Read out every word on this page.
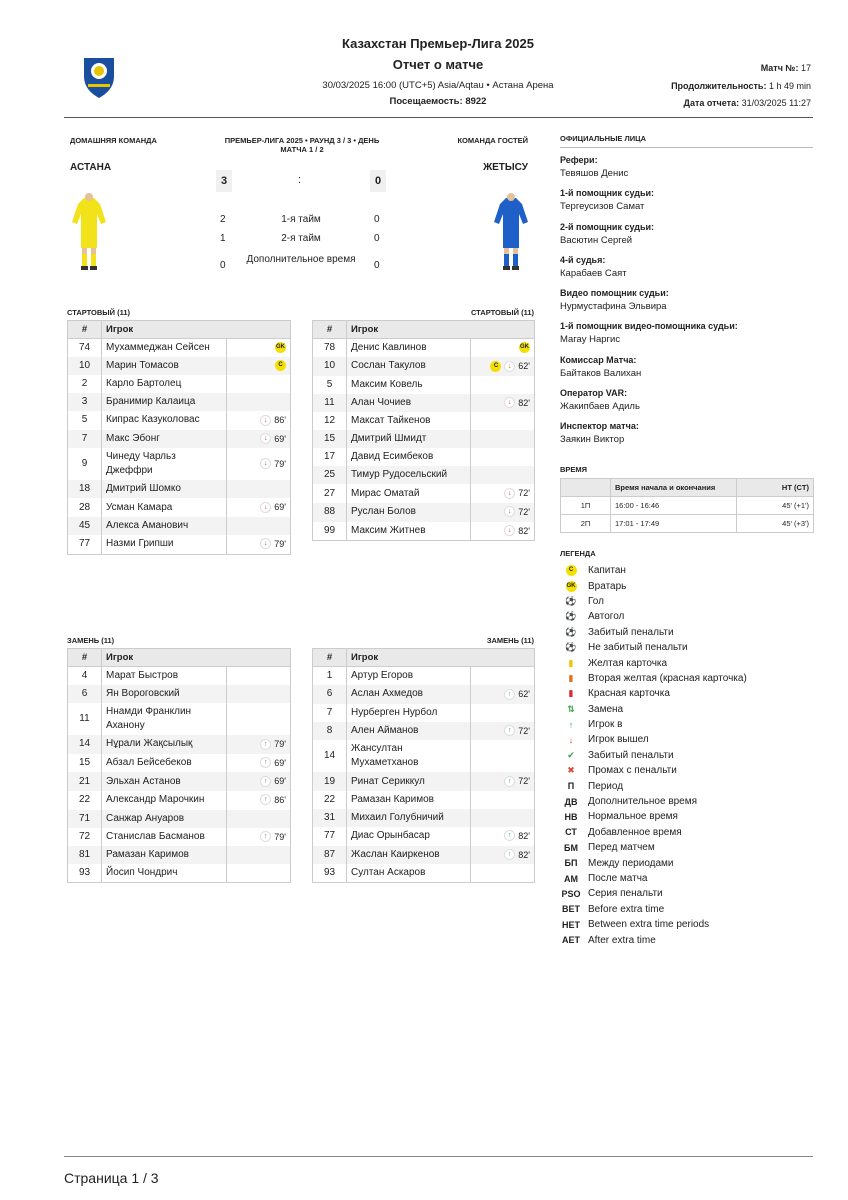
Казахстан Премьер-Лига 2025
Отчет о матче
30/03/2025 16:00 (UTC+5) Asia/Aqtau • Астана Арена
Посещаемость: 8922
Матч №: 17
Продолжительность: 1 h 49 min
Дата отчета: 31/03/2025 11:27
ДОМАШНЯЯ КОМАНДА	ПРЕМЬЕР-ЛИГА 2025 • РАУНД 3 / 3 • ДЕНЬ МАТЧА 1 / 2
КОМАНДА ГОСТЕЙ
АСТАНА	ЖЕТЫСУ
3	:	0
2	1-я тайм	0
1	2-я тайм	0
0
Дополнительное время
0
СТАРТОВЫЙ (11)	СТАРТОВЫЙ (11)
ЗАМЕНЬ (11)	ЗАМЕНЬ (11)
#	Игрок	
74	Мухаммеджан Сейсен	GK
10	Марин Томасов	C
2	Карло Бартолец	
3	Бранимир Калаица	
5	Кипрас Казуколовас	↓ 86'
7	Макс Эбонг	↓ 69'
9	Чинеду Чарльз Джеффри	↓ 79'
18	Дмитрий Шомко	
28	Усман Камара	↓ 69'
45	Алекса Аманович	
77	Назми Грипши	↓ 79'
#	Игрок	
78	Денис Кавлинов	GK
10	Сослан Такулов	C ↓ 62'
5	Максим Ковель	
11	Алан Чочиев	↓ 82'
12	Максат Тайкенов	
15	Дмитрий Шмидт	
17	Давид Есимбеков	
25	Тимур Рудосельский	
27	Мирас Оматай	↓ 72'
88	Руслан Болов	↓ 72'
99	Максим Житнев	↓ 82'
#	Игрок	
4	Марат Быстров	
6	Ян Вороговский	
11	Ннамди Франклин Аханону	
14	Нұрали Жақсылық	↑ 79'
15	Абзал Бейсебеков	↑ 69'
21	Эльхан Астанов	↑ 69'
22	Александр Марочкин	↑ 86'
71	Санжар Ануаров	
72	Станислав Басманов	↑ 79'
81	Рамазан Каримов	
93	Йосип Чондрич	
#	Игрок	
1	Артур Егоров	
6	Аслан Ахмедов	↑ 62'
7	Нурберген Нурбол	
8	Ален Айманов	↑ 72'
14	Жансултан Мухаметханов	
19	Ринат Сериккул	↑ 72'
22	Рамазан Каримов	
31	Михаил Голубничий	
77	Диас Орынбасар	↑ 82'
87	Жаслан Каиркенов	↑ 82'
93	Султан Аскаров	
ОФИЦИАЛЬНЫЕ ЛИЦА
Рефери:
Тевяшов Денис
1-й помощник судьи:
Тергеусизов Самат
2-й помощник судьи:
Васютин Сергей
4-й судья:
Карабаев Саят
Видео помощник судьи:
Нурмустафина Эльвира
1-й помощник видео-помощника судьи:
Магау Наргис
Комиссар Матча:
Байтаков Валихан
Оператор VAR:
Жакипбаев Адиль
Инспектор матча:
Заякин Виктор
ВРЕМЯ
	Время начала и окончания	HT (CT)
1П	16:00 - 16:46	45' (+1')
2П	17:01 - 17:49	45' (+3')
ЛЕГЕНДА
C	Капитан
GK	Вратарь
⚽	Гол
⚽	Автогол
⚽	Забитый пенальти
⚽	Не забитый пенальти
▮	Желтая карточка
▮	Вторая желтая (красная карточка)
▮	Красная карточка
⇅	Замена
↑	Игрок в
↓	Игрок вышел
✔	Забитый пенальти
✖	Промах с пенальти
П	Период
ДВ	Дополнительное время
НВ	Нормальное время
СТ	Добавленное время
БМ	Перед матчем
БП	Между периодами
АМ	После матча
PSO Серия пенальти
BET Before extra time
HET Between extra time periods
AET After extra time
Страница 1 / 3
